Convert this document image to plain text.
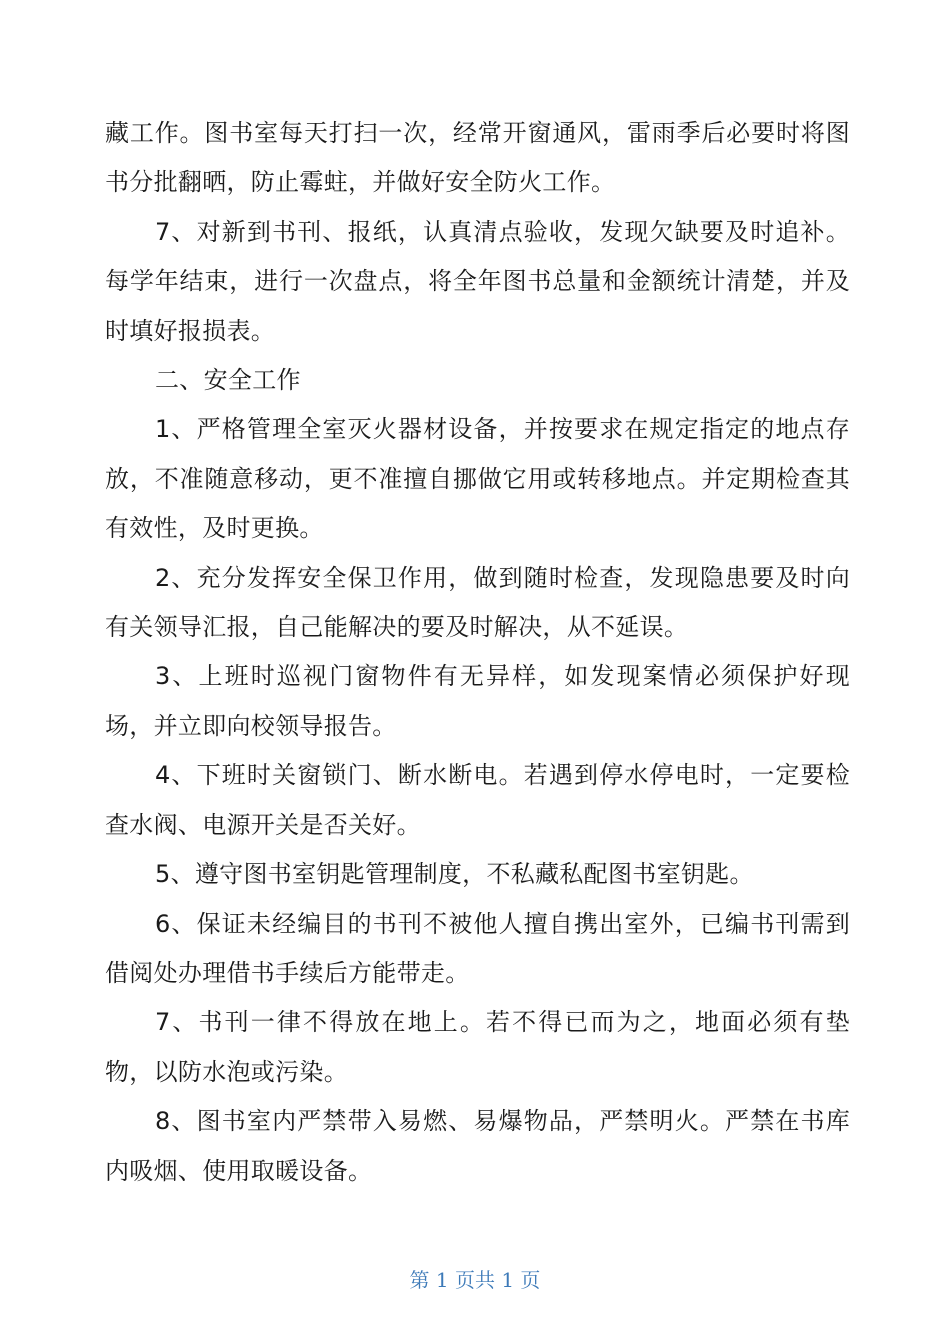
藏工作。图书室每天打扫一次，经常开窗通风，雷雨季后必要时将图书分批翻晒，防止霉蛀，并做好安全防火工作。

7、对新到书刊、报纸，认真清点验收，发现欠缺要及时追补。每学年结束，进行一次盘点，将全年图书总量和金额统计清楚，并及时填好报损表。

二、安全工作

1、严格管理全室灭火器材设备，并按要求在规定指定的地点存放，不准随意移动，更不准擅自挪做它用或转移地点。并定期检查其有效性，及时更换。

2、充分发挥安全保卫作用，做到随时检查，发现隐患要及时向有关领导汇报，自己能解决的要及时解决，从不延误。

3、上班时巡视门窗物件有无异样，如发现案情必须保护好现场，并立即向校领导报告。

4、下班时关窗锁门、断水断电。若遇到停水停电时，一定要检查水阀、电源开关是否关好。

5、遵守图书室钥匙管理制度，不私藏私配图书室钥匙。

6、保证未经编目的书刊不被他人擅自携出室外，已编书刊需到借阅处办理借书手续后方能带走。

7、书刊一律不得放在地上。若不得已而为之，地面必须有垫物，以防水泡或污染。

8、图书室内严禁带入易燃、易爆物品，严禁明火。严禁在书库内吸烟、使用取暖设备。

第 1 页共 1 页
